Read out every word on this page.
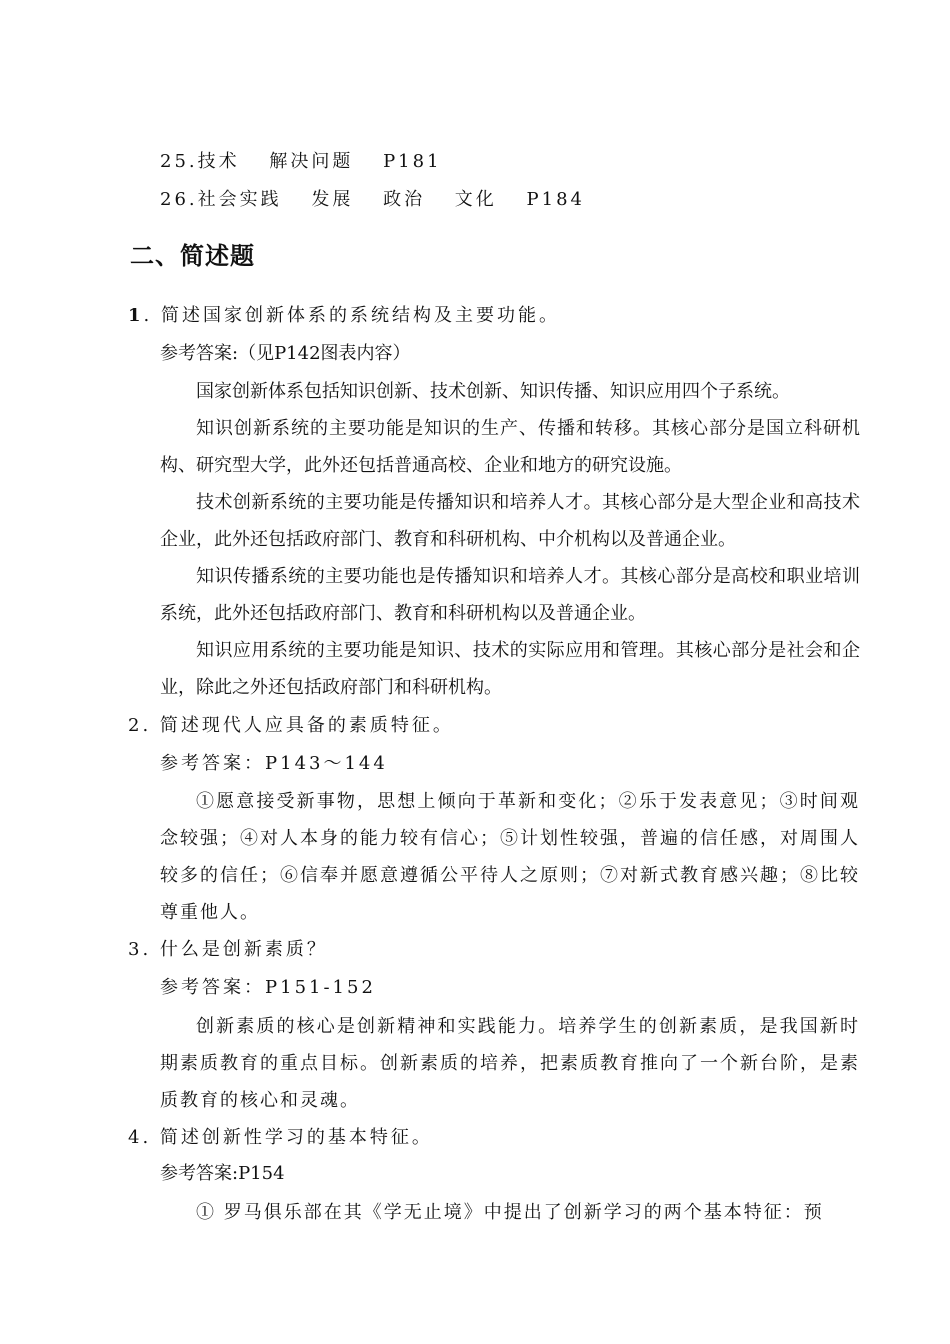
25.技术　 解决问题　 P181
26.社会实践　 发展　 政治　 文化　 P184
二、简述题
1. 简述国家创新体系的系统结构及主要功能。
参考答案:（见P142图表内容）

国家创新体系包括知识创新、技术创新、知识传播、知识应用四个子系统。

知识创新系统的主要功能是知识的生产、传播和转移。其核心部分是国立科研机构、研究型大学，此外还包括普通高校、企业和地方的研究设施。

技术创新系统的主要功能是传播知识和培养人才。其核心部分是大型企业和高技术企业，此外还包括政府部门、教育和科研机构、中介机构以及普通企业。

知识传播系统的主要功能也是传播知识和培养人才。其核心部分是高校和职业培训系统，此外还包括政府部门、教育和科研机构以及普通企业。

知识应用系统的主要功能是知识、技术的实际应用和管理。其核心部分是社会和企业，除此之外还包括政府部门和科研机构。

2. 简述现代人应具备的素质特征。
参考答案：P143～144

①愿意接受新事物，思想上倾向于革新和变化；②乐于发表意见；③时间观念较强；④对人本身的能力较有信心；⑤计划性较强，普遍的信任感，对周围人较多的信任；⑥信奉并愿意遵循公平待人之原则；⑦对新式教育感兴趣；⑧比较尊重他人。

3. 什么是创新素质？
参考答案：P151-152

创新素质的核心是创新精神和实践能力。培养学生的创新素质，是我国新时期素质教育的重点目标。创新素质的培养，把素质教育推向了一个新台阶，是素质教育的核心和灵魂。

4. 简述创新性学习的基本特征。
参考答案:P154

① 罗马俱乐部在其《学无止境》中提出了创新学习的两个基本特征：预
